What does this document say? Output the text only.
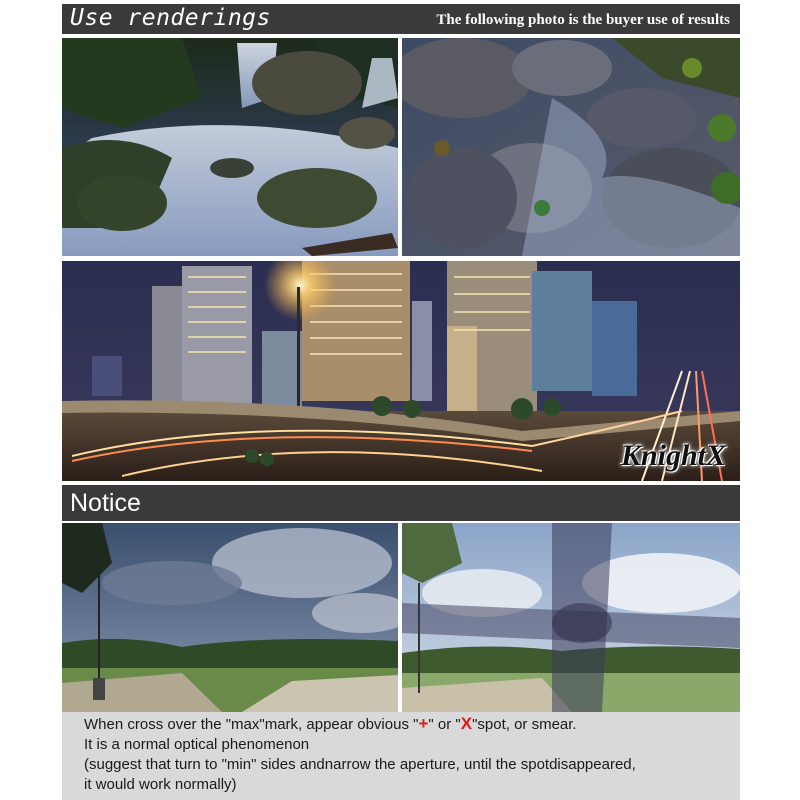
Use renderings	The following photo is the buyer use of results
KnightX
Notice
When cross over the "max"mark, appear obvious "+" or "X"spot, or smear.
It is a normal optical phenomenon
(suggest that turn to "min" sides andnarrow the aperture, until the spotdisappeared,
it would work normally)
